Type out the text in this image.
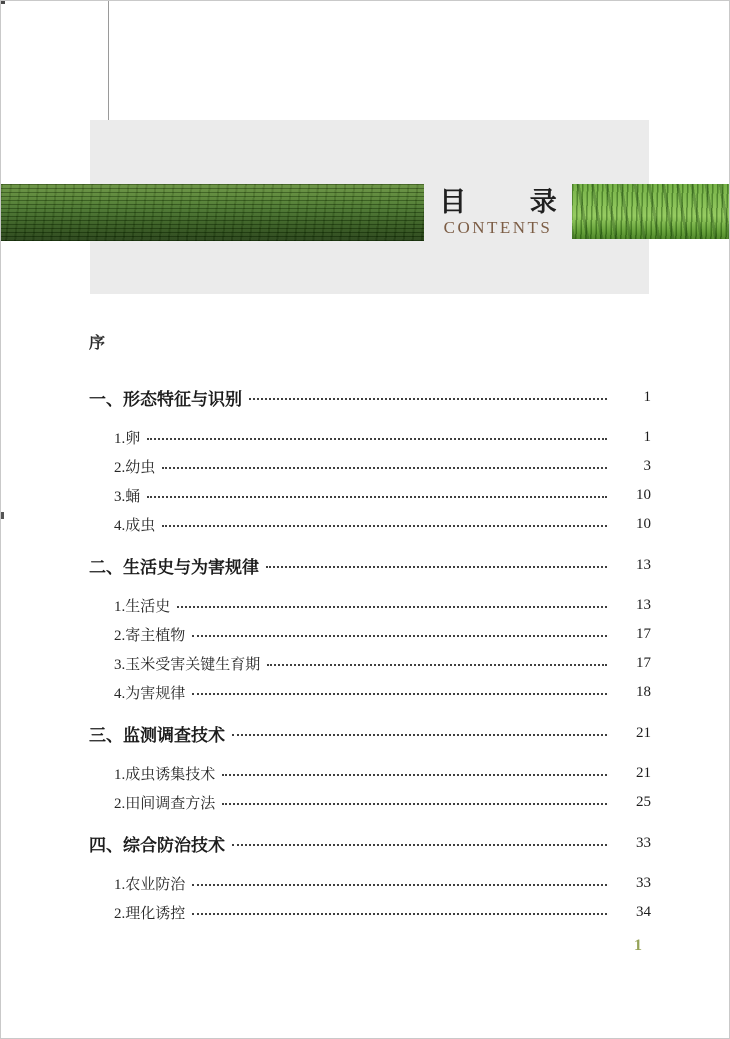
目 录
CONTENTS
序
一、形态特征与识别	1
1.卵	1
2.幼虫	3
3.蛹	10
4.成虫	10
二、生活史与为害规律	13
1.生活史	13
2.寄主植物	17
3.玉米受害关键生育期	17
4.为害规律	18
三、监测调查技术	21
1.成虫诱集技术	21
2.田间调查方法	25
四、综合防治技术	33
1.农业防治	33
2.理化诱控	34
1
